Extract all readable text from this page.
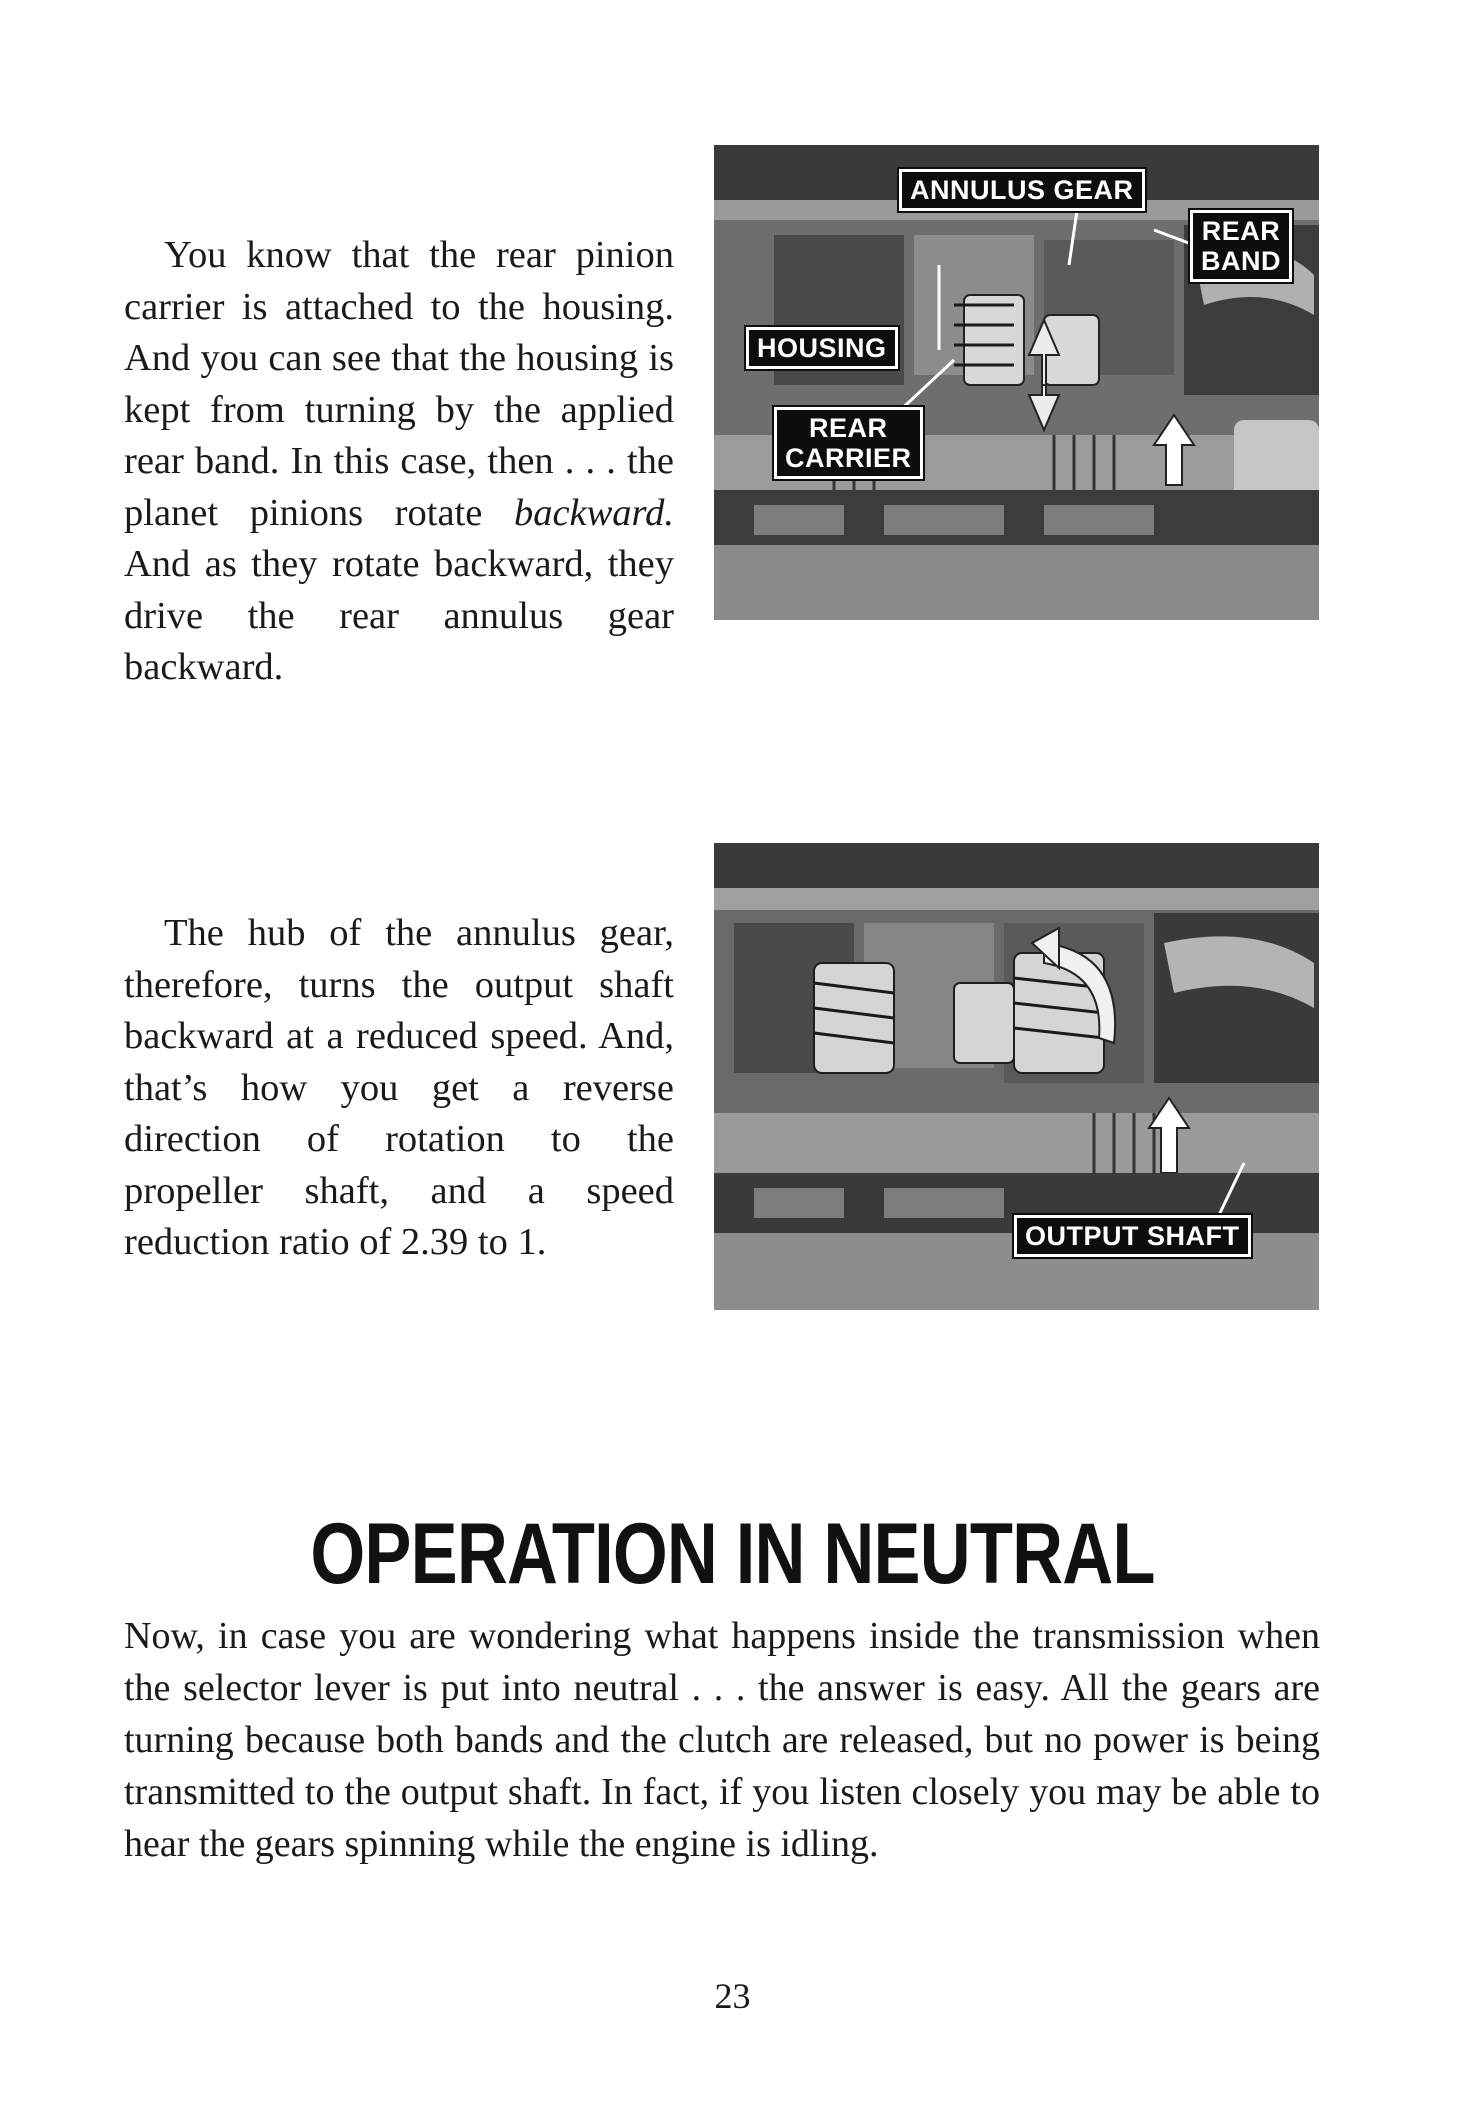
You know that the rear pinion carrier is attached to the housing. And you can see that the housing is kept from turning by the applied rear band. In this case, then . . . the planet pinions rotate backward. And as they rotate backward, they drive the rear annulus gear backward.

ANNULUS GEAR
REAR
BAND
HOUSING
REAR
CARRIER

The hub of the annulus gear, therefore, turns the output shaft backward at a reduced speed. And, that’s how you get a reverse direction of rotation to the propeller shaft, and a speed reduction ratio of 2.39 to 1.	OUTPUT SHAFT
OPERATION IN NEUTRAL

Now, in case you are wondering what happens inside the transmission when the selector lever is put into neutral . . . the answer is easy. All the gears are turning because both bands and the clutch are released, but no power is being transmitted to the output shaft. In fact, if you listen closely you may be able to hear the gears spinning while the engine is idling.

23
